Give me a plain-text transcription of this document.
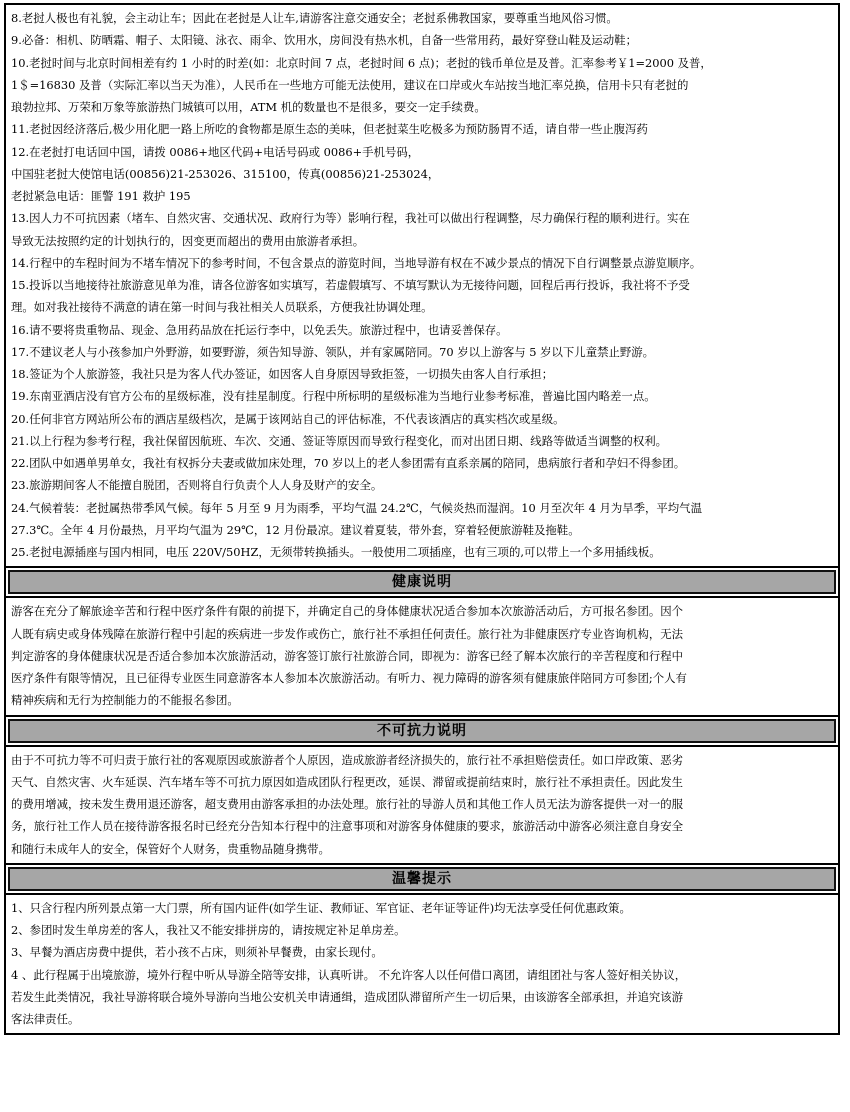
8.老挝人极也有礼貌，会主动让车；因此在老挝是人让车,请游客注意交通安全；老挝系佛教国家，要尊重当地风俗习惯。
9.必备：相机、防晒霜、帽子、太阳镜、泳衣、雨伞、饮用水，房间没有热水机，自备一些常用药，最好穿登山鞋及运动鞋；
10.老挝时间与北京时间相差有约 1 小时的时差(如：北京时间 7 点，老挝时间 6 点)；老挝的钱币单位是及普。汇率参考￥1=2000 及普，
1＄=16830 及普（实际汇率以当天为准），人民币在一些地方可能无法使用，建议在口岸或火车站按当地汇率兑换，信用卡只有老挝的
琅勃拉邦、万荣和万象等旅游热门城镇可以用，ATM 机的数量也不是很多，要交一定手续费。
11.老挝因经济落后,极少用化肥一路上所吃的食物都是原生态的美味，但老挝菜生吃极多为预防肠胃不适，请自带一些止腹泻药
12.在老挝打电话回中国，请拨 0086+地区代码+电话号码或 0086+手机号码，
中国驻老挝大使馆电话(00856)21-253026、315100，传真(00856)21-253024，
老挝紧急电话：匪警 191 救护 195
13.因人力不可抗因素（堵车、自然灾害、交通状况、政府行为等）影响行程，我社可以做出行程调整，尽力确保行程的顺利进行。实在
导致无法按照约定的计划执行的，因变更而超出的费用由旅游者承担。
14.行程中的车程时间为不堵车情况下的参考时间，不包含景点的游览时间，当地导游有权在不减少景点的情况下自行调整景点游览顺序。
15.投诉以当地接待社旅游意见单为准，请各位游客如实填写，若虚假填写、不填写默认为无接待问题，回程后再行投诉，我社将不予受
理。如对我社接待不满意的请在第一时间与我社相关人员联系，方便我社协调处理。
16.请不要将贵重物品、现金、急用药品放在托运行李中，以免丢失。旅游过程中，也请妥善保存。
17.不建议老人与小孩参加户外野游，如要野游，须告知导游、领队，并有家属陪同。70 岁以上游客与 5 岁以下儿童禁止野游。
18.签证为个人旅游签，我社只是为客人代办签证，如因客人自身原因导致拒签，一切损失由客人自行承担；
19.东南亚酒店没有官方公布的星级标准，没有挂星制度。行程中所标明的星级标准为当地行业参考标准，普遍比国内略差一点。
20.任何非官方网站所公布的酒店星级档次，是属于该网站自己的评估标准，不代表该酒店的真实档次或星级。
21.以上行程为参考行程，我社保留因航班、车次、交通、签证等原因而导致行程变化，而对出团日期、线路等做适当调整的权利。
22.团队中如遇单男单女，我社有权拆分夫妻或做加床处理，70 岁以上的老人参团需有直系亲属的陪同，患病旅行者和孕妇不得参团。
23.旅游期间客人不能擅自脱团，否则将自行负责个人人身及财产的安全。
24.气候着装：老挝属热带季风气候。每年 5 月至 9 月为雨季，平均气温 24.2℃，气候炎热而湿润。10 月至次年 4 月为旱季，平均气温
27.3℃。全年 4 月份最热，月平均气温为 29℃，12 月份最凉。建议着夏装，带外套，穿着轻便旅游鞋及拖鞋。
25.老挝电源插座与国内相同，电压 220V/50HZ，无须带转换插头。一般使用二项插座，也有三项的,可以带上一个多用插线板。
健康说明
游客在充分了解旅途辛苦和行程中医疗条件有限的前提下，并确定自己的身体健康状况适合参加本次旅游活动后，方可报名参团。因个
人既有病史或身体残障在旅游行程中引起的疾病进一步发作或伤亡，旅行社不承担任何责任。旅行社为非健康医疗专业咨询机构，无法
判定游客的身体健康状况是否适合参加本次旅游活动，游客签订旅行社旅游合同，即视为：游客已经了解本次旅行的辛苦程度和行程中
医疗条件有限等情况，且已征得专业医生同意游客本人参加本次旅游活动。有听力、视力障碍的游客须有健康旅伴陪同方可参团;个人有
精神疾病和无行为控制能力的不能报名参团。
不可抗力说明
由于不可抗力等不可归责于旅行社的客观原因或旅游者个人原因，造成旅游者经济损失的，旅行社不承担赔偿责任。如口岸政策、恶劣
天气、自然灾害、火车延误、汽车堵车等不可抗力原因如造成团队行程更改，延误、滞留或提前结束时，旅行社不承担责任。因此发生
的费用增减，按未发生费用退还游客，超支费用由游客承担的办法处理。旅行社的导游人员和其他工作人员无法为游客提供一对一的服
务，旅行社工作人员在接待游客报名时已经充分告知本行程中的注意事项和对游客身体健康的要求，旅游活动中游客必须注意自身安全
和随行未成年人的安全，保管好个人财务，贵重物品随身携带。
温馨提示
1、只含行程内所列景点第一大门票，所有国内证件(如学生证、教师证、军官证、老年证等证件)均无法享受任何优惠政策。
2、参团时发生单房差的客人，我社又不能安排拼房的，请按规定补足单房差。
3、早餐为酒店房费中提供，若小孩不占床，则须补早餐费，由家长现付。
4 、此行程属于出境旅游，境外行程中听从导游全陪等安排，认真听讲。 不允许客人以任何借口离团，请组团社与客人签好相关协议，
若发生此类情况，我社导游将联合境外导游向当地公安机关申请通缉，造成团队滞留所产生一切后果，由该游客全部承担，并追究该游
客法律责任。
